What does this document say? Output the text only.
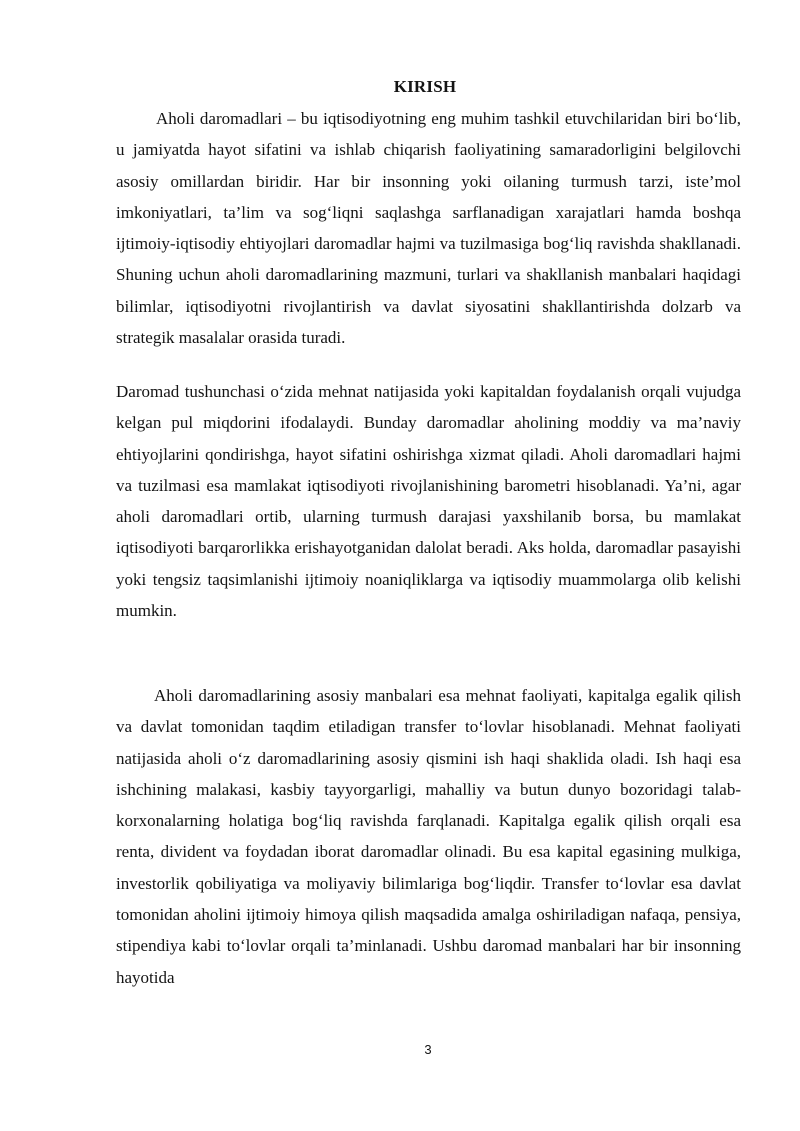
KIRISH

Aholi daromadlari – bu iqtisodiyotning eng muhim tashkil etuvchilaridan biri bo‘lib, u jamiyatda hayot sifatini va ishlab chiqarish faoliyatining samaradorligini belgilovchi asosiy omillardan biridir. Har bir insonning yoki oilaning turmush tarzi, iste’mol imkoniyatlari, ta’lim va sog‘liqni saqlashga sarflanadigan xarajatlari hamda boshqa ijtimoiy-iqtisodiy ehtiyojlari daromadlar hajmi va tuzilmasiga bog‘liq ravishda shakllanadi. Shuning uchun aholi daromadlarining mazmuni, turlari va shakllanish manbalari haqidagi bilimlar, iqtisodiyotni rivojlantirish va davlat siyosatini shakllantirishda dolzarb va strategik masalalar orasida turadi.

Daromad tushunchasi o‘zida mehnat natijasida yoki kapitaldan foydalanish orqali vujudga kelgan pul miqdorini ifodalaydi. Bunday daromadlar aholining moddiy va ma’naviy ehtiyojlarini qondirishga, hayot sifatini oshirishga xizmat qiladi. Aholi daromadlari hajmi va tuzilmasi esa mamlakat iqtisodiyoti rivojlanishining barometri hisoblanadi. Ya’ni, agar aholi daromadlari ortib, ularning turmush darajasi yaxshilanib borsa, bu mamlakat iqtisodiyoti barqarorlikka erishayotganidan dalolat beradi. Aks holda, daromadlar pasayishi yoki tengsiz taqsimlanishi ijtimoiy noaniqliklarga va iqtisodiy muammolarga olib kelishi mumkin.

Aholi daromadlarining asosiy manbalari esa mehnat faoliyati, kapitalga egalik qilish va davlat tomonidan taqdim etiladigan transfer to‘lovlar hisoblanadi. Mehnat faoliyati natijasida aholi o‘z daromadlarining asosiy qismini ish haqi shaklida oladi. Ish haqi esa ishchining malakasi, kasbiy tayyorgarligi, mahalliy va butun dunyo bozoridagi talab-korxonalarning holatiga bog‘liq ravishda farqlanadi. Kapitalga egalik qilish orqali esa renta, divident va foydadan iborat daromadlar olinadi. Bu esa kapital egasining mulkiga, investorlik qobiliyatiga va moliyaviy bilimlariga bog‘liqdir. Transfer to‘lovlar esa davlat tomonidan aholini ijtimoiy himoya qilish maqsadida amalga oshiriladigan nafaqa, pensiya, stipendiya kabi to‘lovlar orqali ta’minlanadi. Ushbu daromad manbalari har bir insonning hayotida

3
